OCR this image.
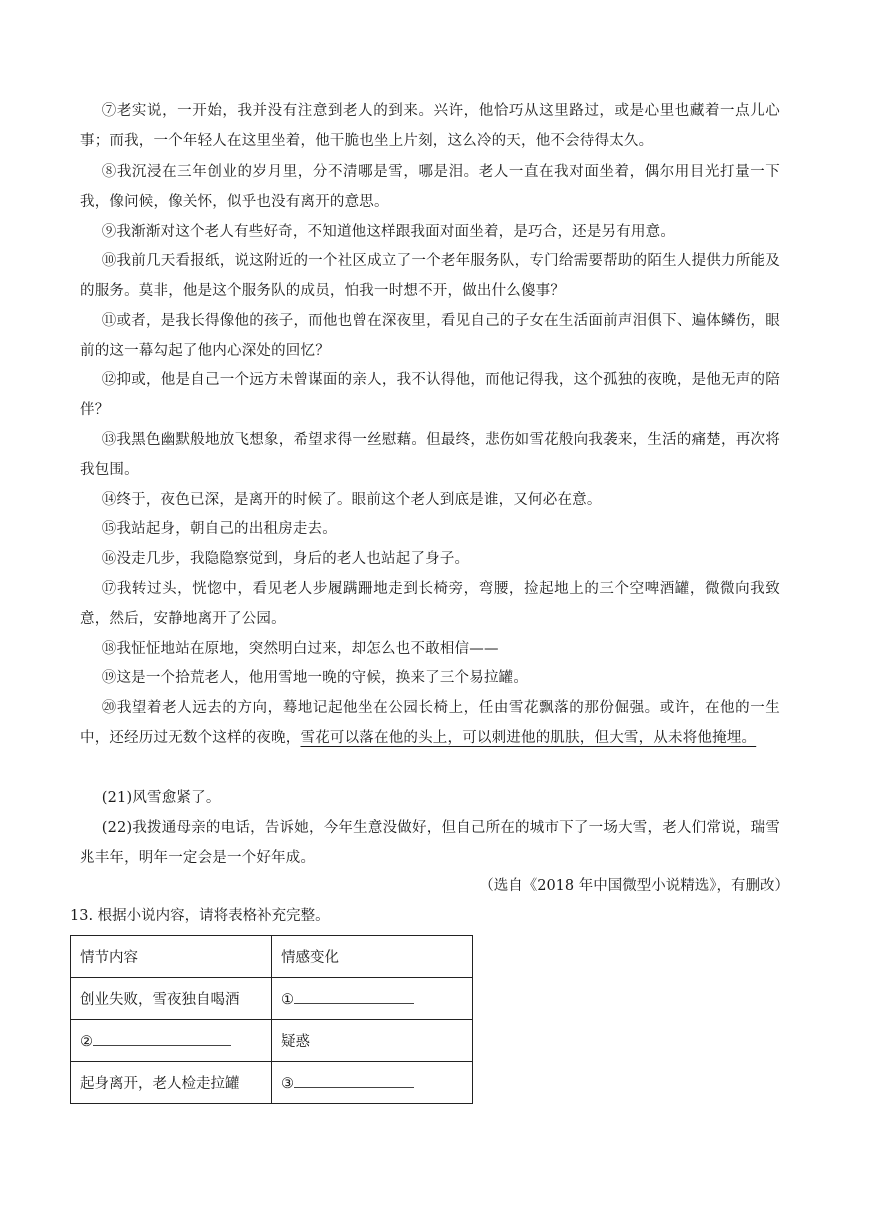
⑦老实说，一开始，我并没有注意到老人的到来。兴许，他恰巧从这里路过，或是心里也藏着一点儿心事；而我，一个年轻人在这里坐着，他干脆也坐上片刻，这么冷的天，他不会待得太久。

⑧我沉浸在三年创业的岁月里，分不清哪是雪，哪是泪。老人一直在我对面坐着，偶尔用目光打量一下我，像问候，像关怀，似乎也没有离开的意思。

⑨我渐渐对这个老人有些好奇，不知道他这样跟我面对面坐着，是巧合，还是另有用意。

⑩我前几天看报纸，说这附近的一个社区成立了一个老年服务队，专门给需要帮助的陌生人提供力所能及的服务。莫非，他是这个服务队的成员，怕我一时想不开，做出什么傻事？

⑪或者，是我长得像他的孩子，而他也曾在深夜里，看见自己的子女在生活面前声泪俱下、遍体鳞伤，眼前的这一幕勾起了他内心深处的回忆？

⑫抑或，他是自己一个远方未曾谋面的亲人，我不认得他，而他记得我，这个孤独的夜晚，是他无声的陪伴？

⑬我黑色幽默般地放飞想象，希望求得一丝慰藉。但最终，悲伤如雪花般向我袭来，生活的痛楚，再次将我包围。

⑭终于，夜色已深，是离开的时候了。眼前这个老人到底是谁，又何必在意。

⑮我站起身，朝自己的出租房走去。

⑯没走几步，我隐隐察觉到，身后的老人也站起了身子。

⑰我转过头，恍惚中，看见老人步履蹒跚地走到长椅旁，弯腰，捡起地上的三个空啤酒罐，微微向我致意，然后，安静地离开了公园。

⑱我怔怔地站在原地，突然明白过来，却怎么也不敢相信——

⑲这是一个拾荒老人，他用雪地一晚的守候，换来了三个易拉罐。

⑳我望着老人远去的方向，蓦地记起他坐在公园长椅上，任由雪花飘落的那份倔强。或许，在他的一生中，还经历过无数个这样的夜晚，雪花可以落在他的头上，可以刺进他的肌肤，但大雪，从未将他掩埋。

(21)风雪愈紧了。

(22)我拨通母亲的电话，告诉她，今年生意没做好，但自己所在的城市下了一场大雪，老人们常说，瑞雪兆丰年，明年一定会是一个好年成。

（选自《2018 年中国微型小说精选》，有删改）
13. 根据小说内容，请将表格补充完整。
情节内容	情感变化
创业失败，雪夜独自喝酒	①
②	疑惑
起身离开，老人检走拉罐	③
